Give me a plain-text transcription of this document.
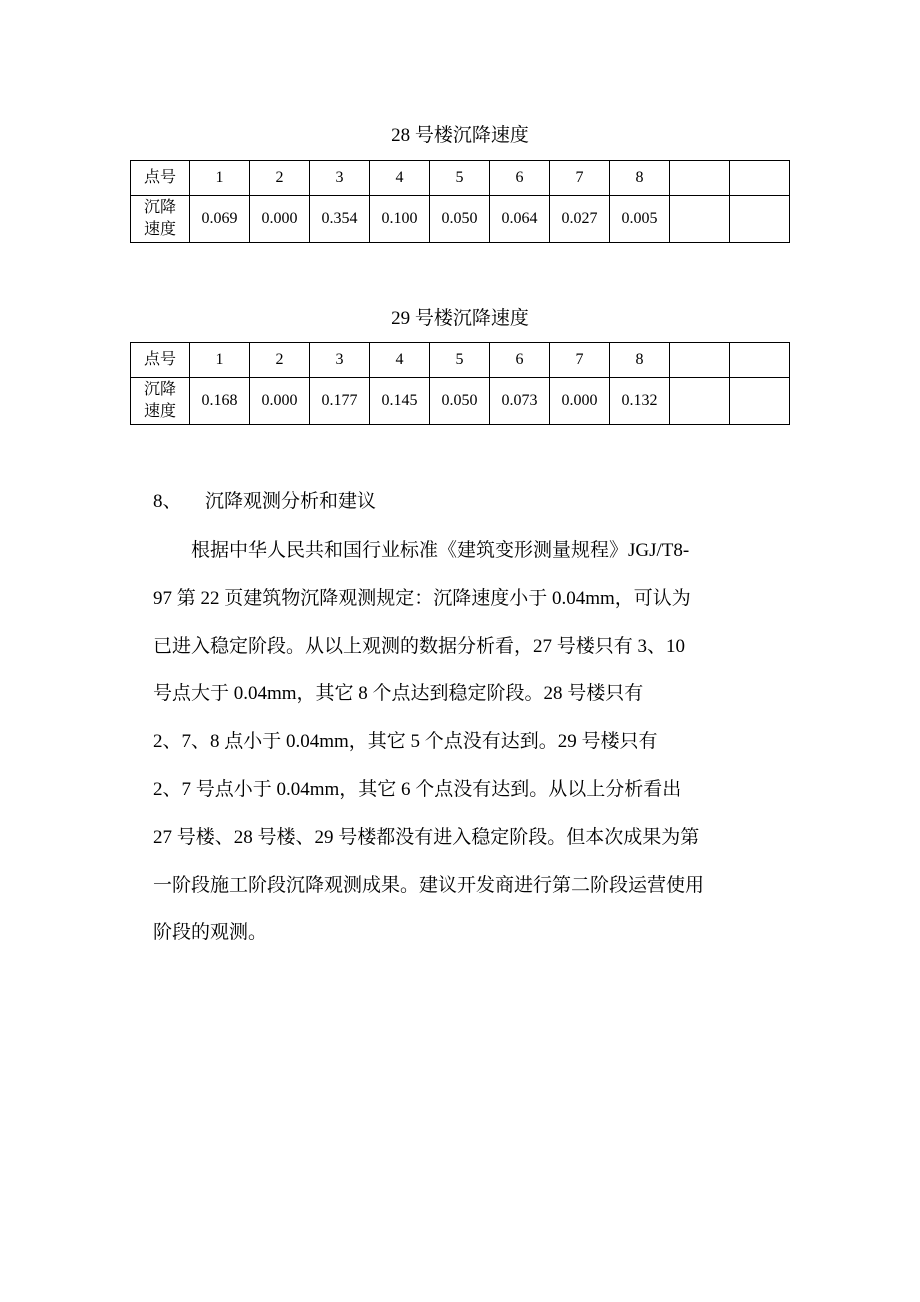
28 号楼沉降速度
点号	1	2	3	4	5	6	7	8		

沉降
速度	0.069	0.000	0.354	0.100	0.050	0.064	0.027	0.005		
29 号楼沉降速度
点号	1	2	3	4	5	6	7	8		

沉降
速度	0.168	0.000	0.177	0.145	0.050	0.073	0.000	0.132		
8、 沉降观测分析和建议
　　根据中华人民共和国行业标准《建筑变形测量规程》JGJ/T8-
97 第 22 页建筑物沉降观测规定：沉降速度小于 0.04mm，可认为
已进入稳定阶段。从以上观测的数据分析看，27 号楼只有 3、10
号点大于 0.04mm，其它 8 个点达到稳定阶段。28 号楼只有
2、7、8 点小于 0.04mm，其它 5 个点没有达到。29 号楼只有
2、7 号点小于 0.04mm，其它 6 个点没有达到。从以上分析看出
27 号楼、28 号楼、29 号楼都没有进入稳定阶段。但本次成果为第
一阶段施工阶段沉降观测成果。建议开发商进行第二阶段运营使用
阶段的观测。
